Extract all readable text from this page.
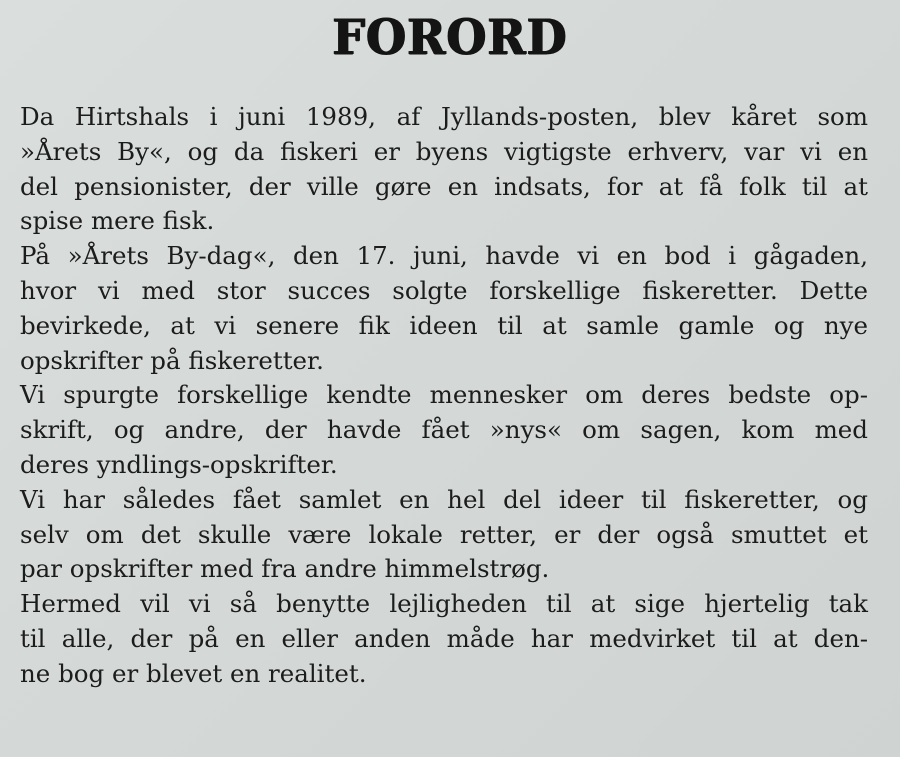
FORORD
Da Hirtshals i juni 1989, af Jyllands-posten, blev kåret som
»Årets By«, og da fiskeri er byens vigtigste erhverv, var vi en
del pensionister, der ville gøre en indsats, for at få folk til at
spise mere fisk.
På »Årets By-dag«, den 17. juni, havde vi en bod i gågaden,
hvor vi med stor succes solgte forskellige fiskeretter. Dette
bevirkede, at vi senere fik ideen til at samle gamle og nye
opskrifter på fiskeretter.
Vi spurgte forskellige kendte mennesker om deres bedste op-
skrift, og andre, der havde fået »nys« om sagen, kom med
deres yndlings-opskrifter.
Vi har således fået samlet en hel del ideer til fiskeretter, og
selv om det skulle være lokale retter, er der også smuttet et
par opskrifter med fra andre himmelstrøg.
Hermed vil vi så benytte lejligheden til at sige hjertelig tak
til alle, der på en eller anden måde har medvirket til at den-
ne bog er blevet en realitet.
